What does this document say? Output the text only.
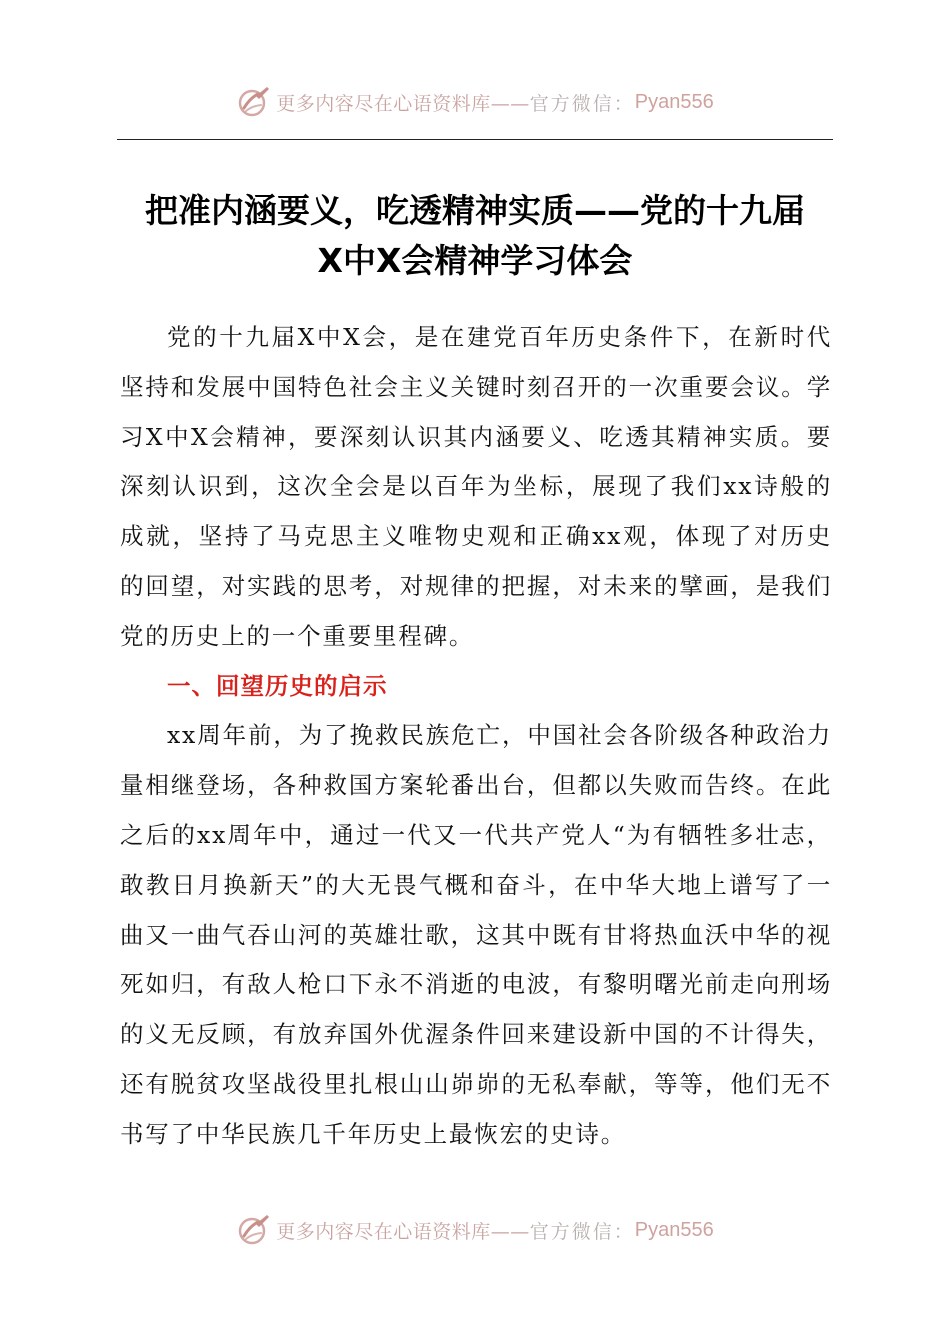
更多内容尽在心语资料库—— 官方微信： Pyan556
把准内涵要义，吃透精神实质——党的十九届
X中X会精神学习体会

党的十九届X中X会，是在建党百年历史条件下，在新时代坚持和发展中国特色社会主义关键时刻召开的一次重要会议。学习X中X会精神，要深刻认识其内涵要义、吃透其精神实质。要深刻认识到，这次全会是以百年为坐标，展现了我们xx诗般的成就，坚持了马克思主义唯物史观和正确xx观，体现了对历史的回望，对实践的思考，对规律的把握，对未来的擘画，是我们党的历史上的一个重要里程碑。

一、回望历史的启示

xx周年前，为了挽救民族危亡，中国社会各阶级各种政治力量相继登场，各种救国方案轮番出台，但都以失败而告终。在此之后的xx周年中，通过一代又一代共产党人“为有牺牲多壮志，敢教日月换新天”的大无畏气概和奋斗，在中华大地上谱写了一曲又一曲气吞山河的英雄壮歌，这其中既有甘将热血沃中华的视死如归，有敌人枪口下永不消逝的电波，有黎明曙光前走向刑场的义无反顾，有放弃国外优渥条件回来建设新中国的不计得失，还有脱贫攻坚战役里扎根山山峁峁的无私奉献，等等，他们无不书写了中华民族几千年历史上最恢宏的史诗。

更多内容尽在心语资料库—— 官方微信： Pyan556
